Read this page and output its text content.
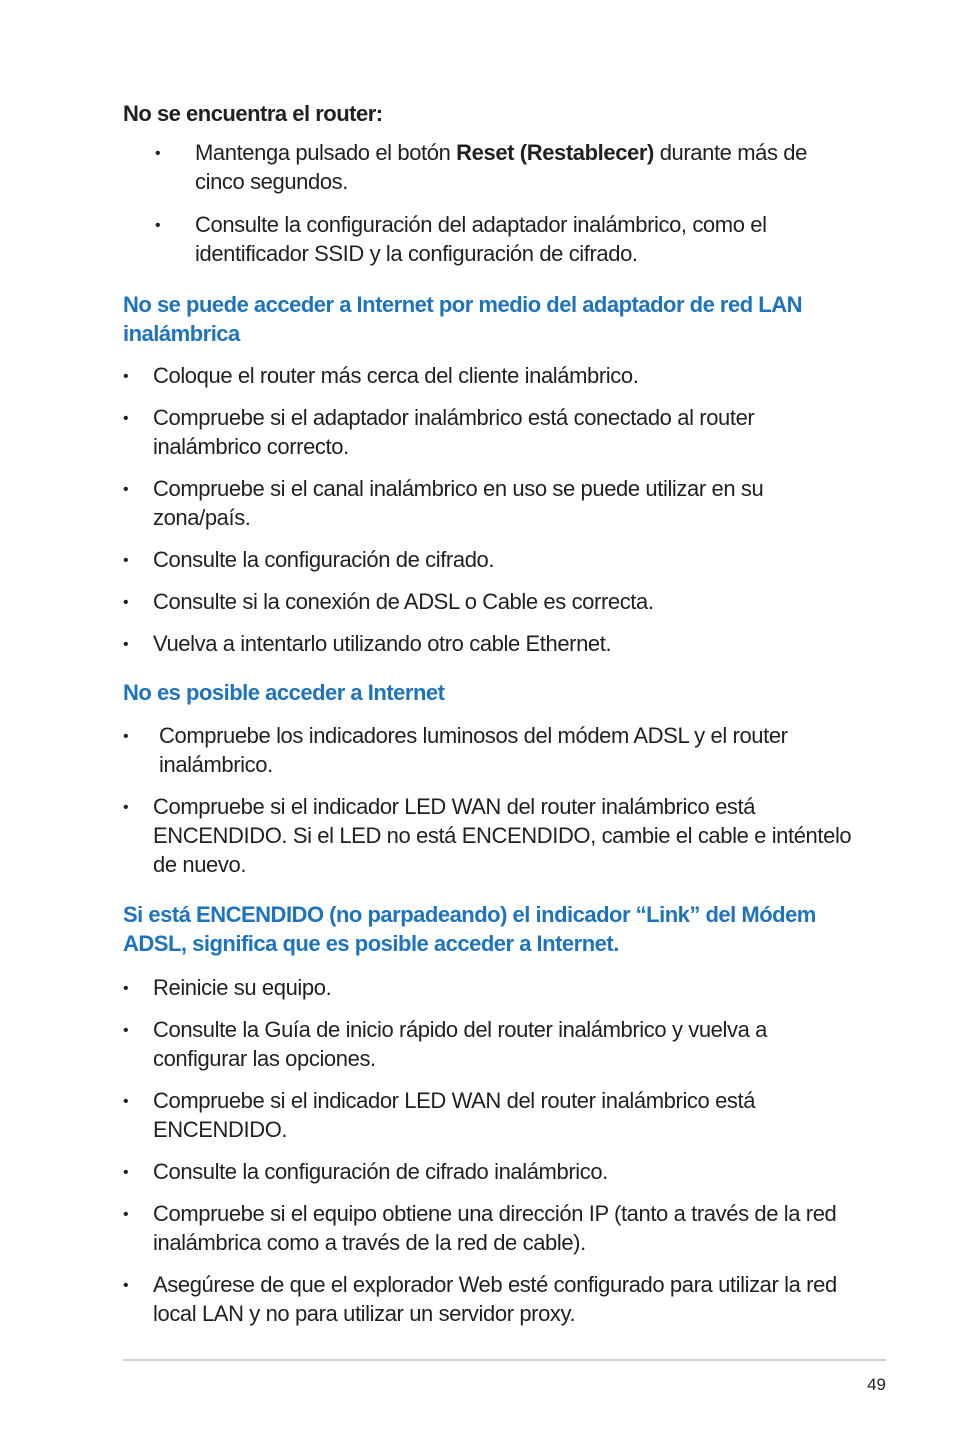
No se encuentra el router:
• Mantenga pulsado el botón Reset (Restablecer) durante más de cinco segundos.
• Consulte la configuración del adaptador inalámbrico, como el identificador SSID y la configuración de cifrado.
No se puede acceder a Internet por medio del adaptador de red LAN inalámbrica
• Coloque el router más cerca del cliente inalámbrico.
• Compruebe si el adaptador inalámbrico está conectado al router inalámbrico correcto.
• Compruebe si el canal inalámbrico en uso se puede utilizar en su zona/país.
• Consulte la configuración de cifrado.
• Consulte si la conexión de ADSL o Cable es correcta.
• Vuelva a intentarlo utilizando otro cable Ethernet.
No es posible acceder a Internet
• Compruebe los indicadores luminosos del módem ADSL y el router inalámbrico.
• Compruebe si el indicador LED WAN del router inalámbrico está ENCENDIDO. Si el LED no está ENCENDIDO, cambie el cable e inténtelo de nuevo.
Si está ENCENDIDO (no parpadeando) el indicador “Link” del Módem ADSL, significa que es posible acceder a Internet.
• Reinicie su equipo.
• Consulte la Guía de inicio rápido del router inalámbrico y vuelva a configurar las opciones.
• Compruebe si el indicador LED WAN del router inalámbrico está ENCENDIDO.
• Consulte la configuración de cifrado inalámbrico.
• Compruebe si el equipo obtiene una dirección IP (tanto a través de la red inalámbrica como a través de la red de cable).
• Asegúrese de que el explorador Web esté configurado para utilizar la red local LAN y no para utilizar un servidor proxy.
49
